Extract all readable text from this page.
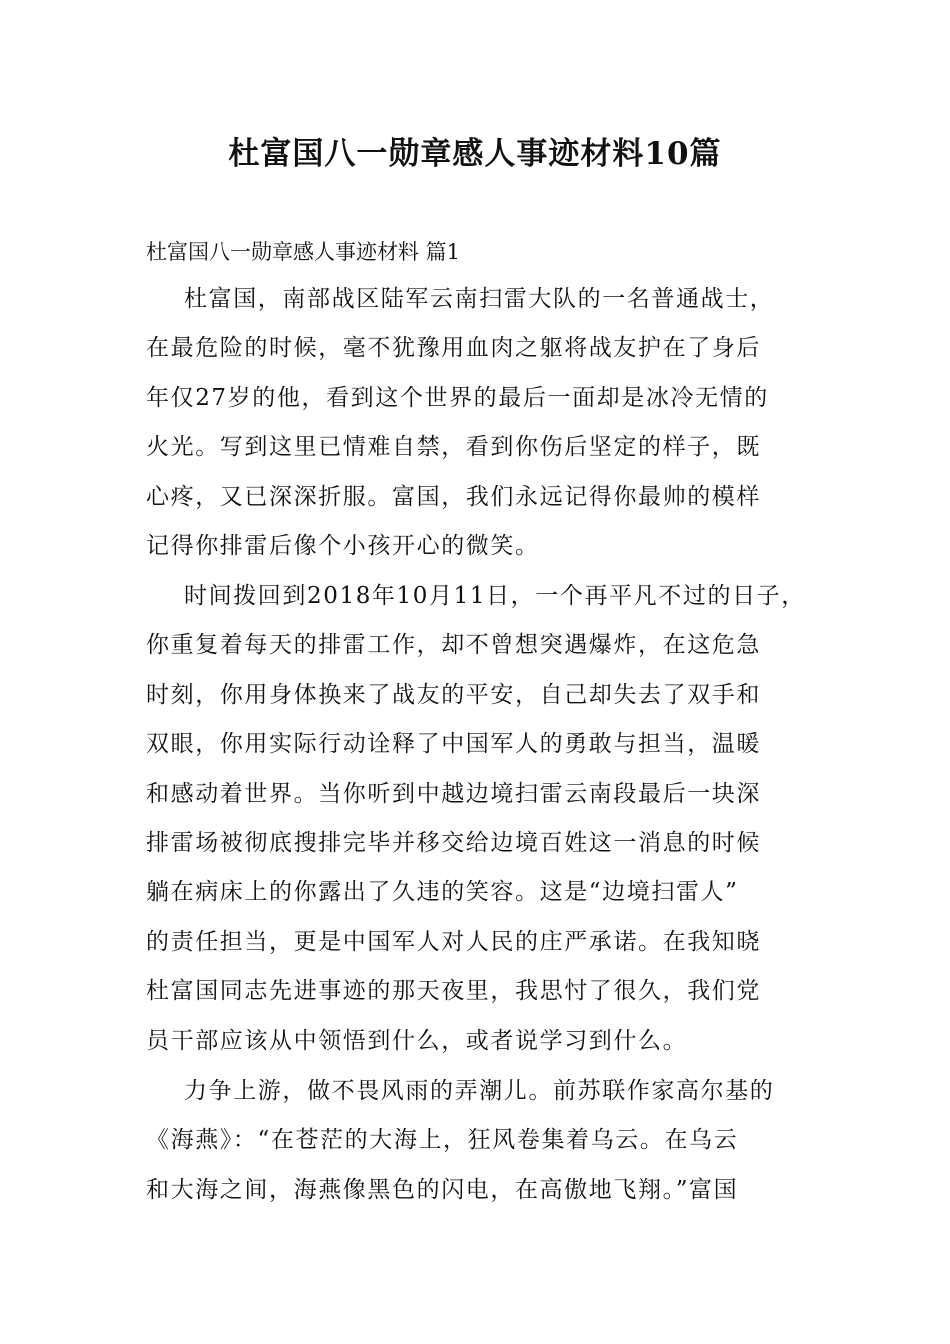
杜富国八一勋章感人事迹材料10篇

杜富国八一勋章感人事迹材料 篇1

杜富国，南部战区陆军云南扫雷大队的一名普通战士，
在最危险的时候，毫不犹豫用血肉之躯将战友护在了身后
年仅27岁的他，看到这个世界的最后一面却是冰冷无情的
火光。写到这里已情难自禁，看到你伤后坚定的样子，既
心疼，又已深深折服。富国，我们永远记得你最帅的模样
记得你排雷后像个小孩开心的微笑。
时间拨回到2018年10月11日，一个再平凡不过的日子，
你重复着每天的排雷工作，却不曾想突遇爆炸，在这危急
时刻，你用身体换来了战友的平安，自己却失去了双手和
双眼，你用实际行动诠释了中国军人的勇敢与担当，温暖
和感动着世界。当你听到中越边境扫雷云南段最后一块深
排雷场被彻底搜排完毕并移交给边境百姓这一消息的时候
躺在病床上的你露出了久违的笑容。这是“边境扫雷人”
的责任担当，更是中国军人对人民的庄严承诺。在我知晓
杜富国同志先进事迹的那天夜里，我思忖了很久，我们党
员干部应该从中领悟到什么，或者说学习到什么。
力争上游，做不畏风雨的弄潮儿。前苏联作家高尔基的
《海燕》：“在苍茫的大海上，狂风卷集着乌云。在乌云
和大海之间，海燕像黑色的闪电，在高傲地飞翔。”富国
